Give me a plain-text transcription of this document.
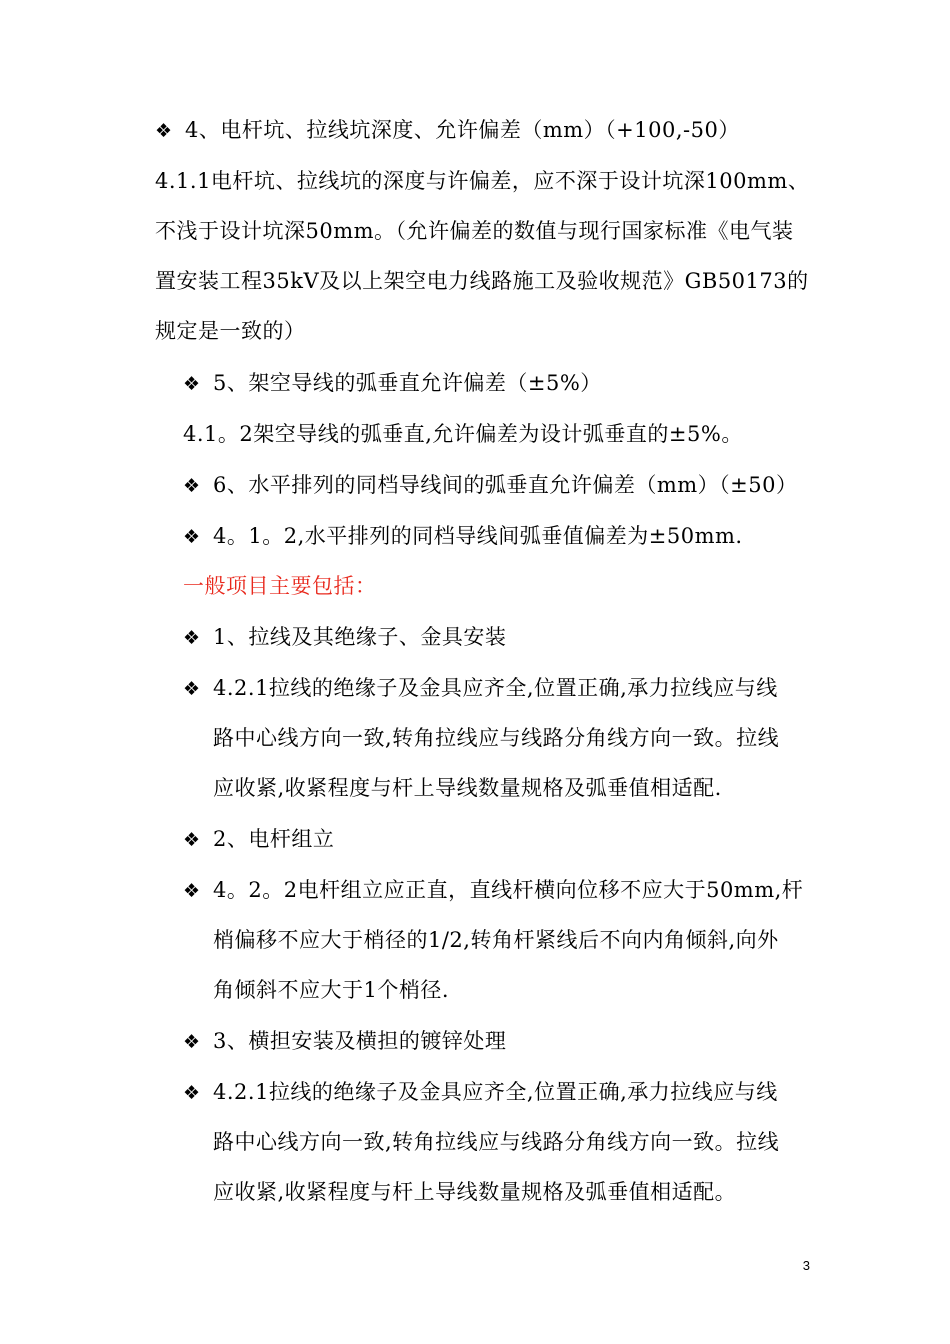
❖ 4、电杆坑、拉线坑深度、允许偏差（mm）（+100,-50）
4.1.1电杆坑、拉线坑的深度与许偏差，应不深于设计坑深100mm、
不浅于设计坑深50mm。（允许偏差的数值与现行国家标准《电气装
置安装工程35kV及以上架空电力线路施工及验收规范》GB50173的
规定是一致的）
❖ 5、架空导线的弧垂直允许偏差（±5%）
4.1。2架空导线的弧垂直,允许偏差为设计弧垂直的±5%。
❖ 6、水平排列的同档导线间的弧垂直允许偏差（mm）（±50）
❖ 4。1。2,水平排列的同档导线间弧垂值偏差为±50mm.
一般项目主要包括：
❖ 1、拉线及其绝缘子、金具安装
❖ 4.2.1拉线的绝缘子及金具应齐全,位置正确,承力拉线应与线
路中心线方向一致,转角拉线应与线路分角线方向一致。拉线
应收紧,收紧程度与杆上导线数量规格及弧垂值相适配.
❖ 2、电杆组立
❖ 4。2。2电杆组立应正直，直线杆横向位移不应大于50mm,杆
梢偏移不应大于梢径的1/2,转角杆紧线后不向内角倾斜,向外
角倾斜不应大于1个梢径.
❖ 3、横担安装及横担的镀锌处理
❖ 4.2.1拉线的绝缘子及金具应齐全,位置正确,承力拉线应与线
路中心线方向一致,转角拉线应与线路分角线方向一致。拉线
应收紧,收紧程度与杆上导线数量规格及弧垂值相适配。
3
